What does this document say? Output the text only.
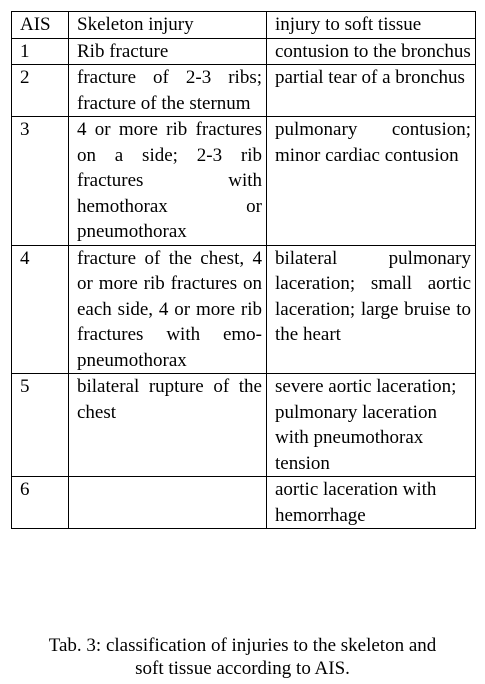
AIS	Skeleton injury	injury to soft tissue
1	Rib fracture	contusion to the bronchus
2	fracture of 2-3 ribs; fracture of the sternum	partial tear of a bronchus
3	4 or more rib fractures on a side; 2-3 rib fractures with hemothorax or pneumothorax	pulmonary contusion; minor cardiac contusion
4	fracture of the chest, 4 or more rib fractures on each side, 4 or more rib fractures with emo-pneumothorax	bilateral pulmonary laceration; small aortic laceration; large bruise to the heart
5	bilateral rupture of the chest	severe aortic laceration; pulmonary laceration with pneumothorax tension
6		aortic laceration with hemorrhage
Tab. 3: classification of injuries to the skeleton and
soft tissue according to AIS.
